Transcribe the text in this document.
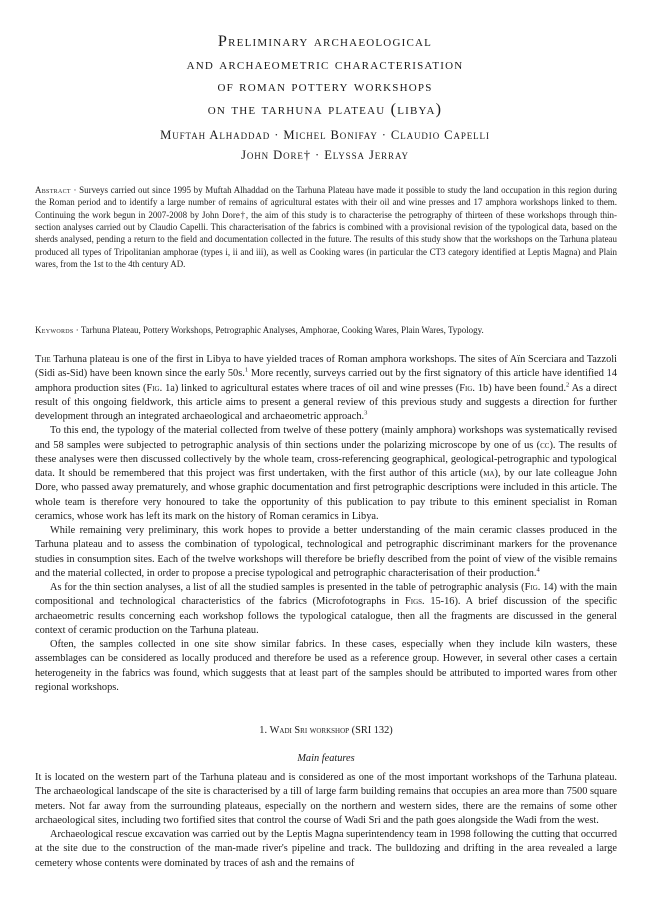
Preliminary archaeological
and archaeometric characterisation
of roman pottery workshops
on the tarhuna plateau (libya)
Muftah Alhaddad · Michel Bonifay · Claudio Capelli
John Dore† · Elyssa Jerray
Abstract · Surveys carried out since 1995 by Muftah Alhaddad on the Tarhuna Plateau have made it possible to study the land occupation in this region during the Roman period and to identify a large number of remains of agricultural estates with their oil and wine presses and 17 amphora workshops linked to them. Continuing the work begun in 2007-2008 by John Dore†, the aim of this study is to characterise the petrography of thirteen of these workshops through thin-section analyses carried out by Claudio Capelli. This characterisation of the fabrics is combined with a provisional revision of the typological data, based on the sherds analysed, pending a return to the field and documentation collected in the future. The results of this study show that the workshops on the Tarhuna plateau produced all types of Tripolitanian amphorae (types i, ii and iii), as well as Cooking wares (in particular the CT3 category identified at Leptis Magna) and Plain wares, from the 1st to the 4th century AD.
Keywords · Tarhuna Plateau, Pottery Workshops, Petrographic Analyses, Amphorae, Cooking Wares, Plain Wares, Typology.

The Tarhuna plateau is one of the first in Libya to have yielded traces of Roman amphora workshops. The sites of Aïn Scerciara and Tazzoli (Sidi as-Sid) have been known since the early 50s.$^1$ More recently, surveys carried out by the first signatory of this article have identified 14 amphora production sites (Fig. 1a) linked to agricultural estates where traces of oil and wine presses (Fig. 1b) have been found.$^2$ As a direct result of this ongoing fieldwork, this article aims to present a general review of this previous study and suggests a direction for further development through an integrated archaeological and archaeometric approach.$^3$

To this end, the typology of the material collected from twelve of these pottery (mainly amphora) workshops was systematically revised and 58 samples were subjected to petrographic analysis of thin sections under the polarizing microscope by one of us (cc). The results of these analyses were then discussed collectively by the whole team, cross-referencing geographical, geological-petrographic and typological data. It should be remembered that this project was first undertaken, with the first author of this article (ma), by our late colleague John Dore, who passed away prematurely, and whose graphic documentation and first petrographic descriptions were included in this article. The whole team is therefore very honoured to take the opportunity of this publication to pay tribute to this eminent specialist in Roman ceramics, whose work has left its mark on the history of Roman ceramics in Libya.

While remaining very preliminary, this work hopes to provide a better understanding of the main ceramic classes produced in the Tarhuna plateau and to assess the combination of typological, technological and petrographic discriminant markers for the provenance studies in consumption sites. Each of the twelve workshops will therefore be briefly described from the point of view of the visible remains and the material collected, in order to propose a precise typological and petrographic characterisation of their production.$^4$

As for the thin section analyses, a list of all the studied samples is presented in the table of petrographic analysis (Fig. 14) with the main compositional and technological characteristics of the fabrics (Microfotographs in Figs. 15-16). A brief discussion of the specific archaeometric results concerning each workshop follows the typological catalogue, then all the fragments are discussed in the general context of ceramic production on the Tarhuna plateau.

Often, the samples collected in one site show similar fabrics. In these cases, especially when they include kiln wasters, these assemblages can be considered as locally produced and therefore be used as a reference group. However, in several other cases a certain heterogeneity in the fabrics was found, which suggests that at least part of the samples should be attributed to imported wares from other regional workshops.

1. Wadi Sri workshop (SRI 132)
Main features

It is located on the western part of the Tarhuna plateau and is considered as one of the most important workshops of the Tarhuna plateau. The archaeological landscape of the site is characterised by a till of large farm building remains that occupies an area more than 7500 square meters. Not far away from the surrounding plateaus, especially on the northern and western sides, there are the remains of some other archaeological sites, including two fortified sites that control the course of Wadi Sri and the path goes alongside the Wadi from the west.

Archaeological rescue excavation was carried out by the Leptis Magna superintendency team in 1998 following the cutting that occurred at the site due to the construction of the man-made river's pipeline and track. The bulldozing and drifting in the area revealed a large cemetery whose contents were dominated by traces of ash and the remains of
